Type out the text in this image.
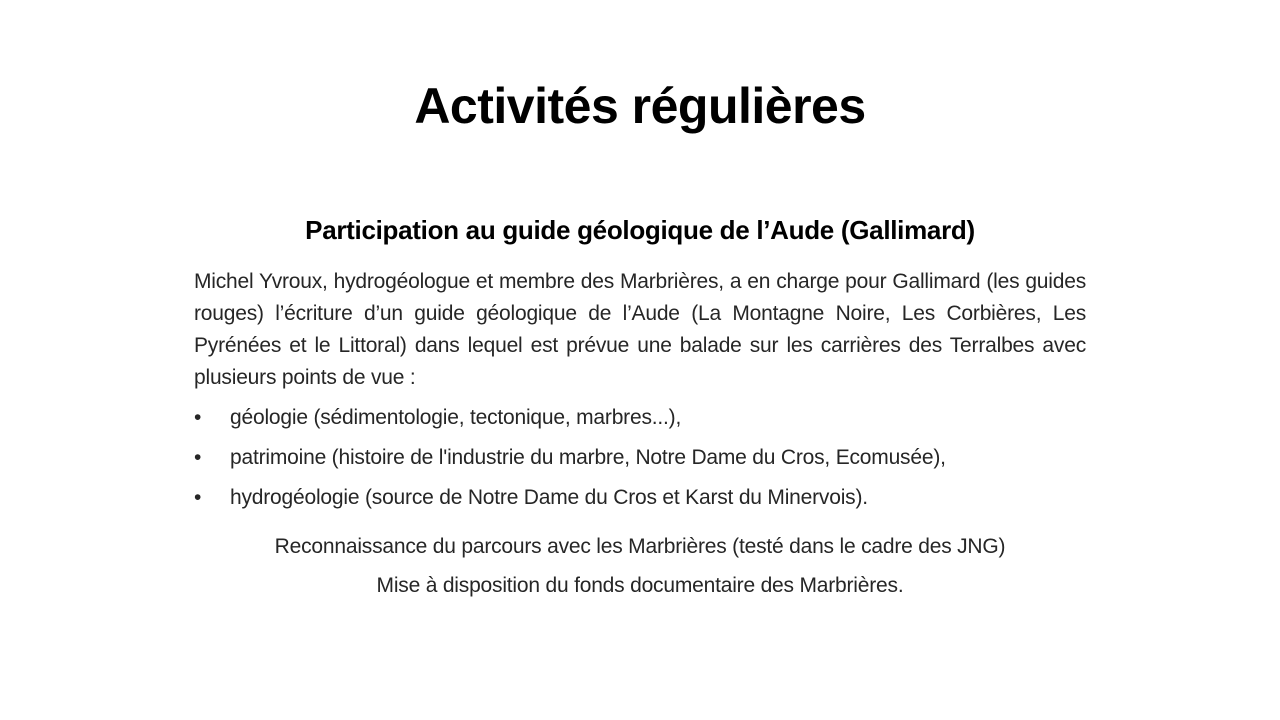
Activités régulières
Participation au guide géologique de l’Aude (Gallimard)
Michel Yvroux, hydrogéologue et membre des Marbrières, a en charge pour Gallimard (les guides rouges) l’écriture d’un guide géologique de l’Aude (La Montagne Noire, Les Corbières, Les Pyrénées et le Littoral) dans lequel est prévue une balade sur les carrières des Terralbes avec plusieurs points de vue :
•	géologie (sédimentologie, tectonique, marbres...),
•	patrimoine (histoire de l'industrie du marbre, Notre Dame du Cros, Ecomusée),
•	hydrogéologie (source de Notre Dame du Cros et Karst du Minervois).
Reconnaissance du parcours avec les Marbrières (testé dans le cadre des JNG)
Mise à disposition du fonds documentaire des Marbrières.
